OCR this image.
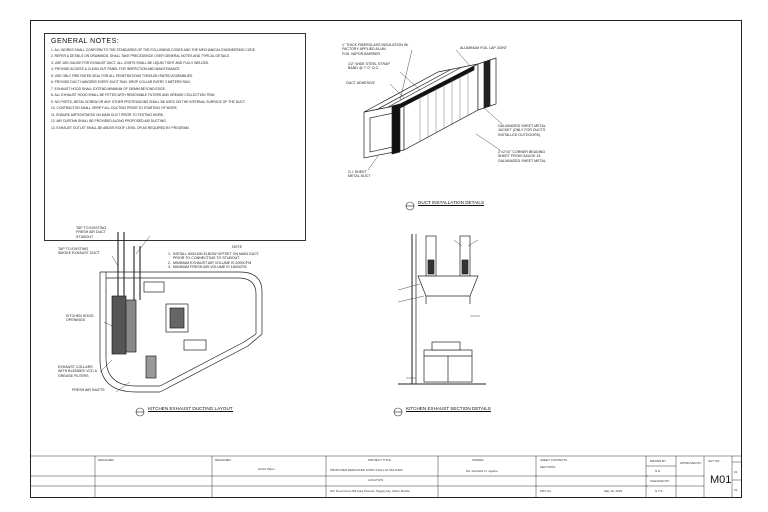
GENERAL NOTES:
1. ALL WORKS SHALL CONFORM TO THE STANDARDS OF THE FOLLOWING CODES AND THE MECHANICAL ENGINEERING CODE
2. REFER & DETAILS ON DRAWINGS, SHALL TAKE PRECEDENCE OVER GENERAL NOTES AND TYPICAL DETAILS
3. USE 18G GAUGE FOR EXHAUST DUCT. ALL JOINTS SHALL BE LIQUID TIGHT AND FULLY WELDED.
4. PROVIDE ACCESS & CLEAN OUT PANEL FOR INSPECTION AND MAINTENANCE.
5. USE ONLY FIRE RATED SEAL FOR ALL PENETRATIONS THROUGH RATED ASSEMBLIES.
6. PROVIDE DUCT HANGERS EVERY DUCT RUN. DROP COLLAR EVERY 3 METERS RUN.
7. EXHAUST HOOD SHALL EXTEND MINIMUM OF 150MM BEYOND EDGE.
8. ALL EXHAUST HOOD SHALL BE FITTED WITH REMOVABLE FILTERS AND GREASE COLLECTION TRAY.
9. NO PORTS, METAL SCREW OR ANY OTHER PROTRUSIONS SHALL BE USED ON THE INTERNAL SURFACE OF THE DUCT.
10. CONTRACTOR SHALL VERIFY ALL DUCTING PRIOR TO STARTING OF WORK.
11. ENSURE AIRTIGHTNESS ON MAIN DUCT PRIOR TO TESTING WORK.
12. AIR CURTAIN SHALL BE PROVIDED ALONG PROPOSED AIR DUCTING.
13. EXHAUST OUTLET SHALL BE ABOVE ROOF LEVEL OR AS REQUIRED BY PROGRAM.
1" THICK FIBERGLASS INSULATION W/
FACTORY APPLIED ALUM.
FOIL VAPOR BARRIER
1/2" WIDE STEEL STRAP
BAND @ 7'-0" O.C.
DUCT ADHESIVE
ALUMINUM FOIL LAP JOINT
GALVANIZED SHEET METAL
JACKET (ONLY FOR DUCTS
INSTALLED OUTDOORS)
2"x2"x2" CORNER BEADING
SHEET FROM GAUGE 24
GALVANIZED SHEET METAL
G.I. SHEET
METAL DUCT
DUCT INSTALLATION DETAILS
TAP TO EXISTING
FRESH AIR DUCT
STUBOUT
TAP TO EXISTING
SMOKE EXHAUST DUCT
KITCHEN HOOD
OPENINGS
EXHAUST COLLARS
WITH BLENDED VCD &
GREASE FILTERS
FRESH AIR INLETS
NOTE
1.  INSTALL 600X400 ELBOW OFFSET ON MAIN DUCT
PRIOR TO CONNECTING TO STUBOUT
2.  MINIMUM EXHAUST AIR VOLUME IS 2000CFM
3.  MINIMUM FRESH AIR VOLUME IS 1600CFM
KITCHEN EXHAUST DUCTING LAYOUT	KITCHEN EXHAUST SECTION DETAILS
DESIGNER	DESIGNER
HVAC Plans
PROJECT TITLE
PROPOSED DEDICATED FOOD STALL AT SM AURA
LOCATION
G/F Food Court SM Aura Premier, Taguig City, Metro Manila
OWNER
Ms. Rochelle Fr. Aguirre
SHEET CONTENTS
SECTIONS
PRC No.	May 19, 2023
DRAWN BY
N.D.
CHECKED BY
N.T.S.
APPROVED BY SHT NO.
M01
01
01
